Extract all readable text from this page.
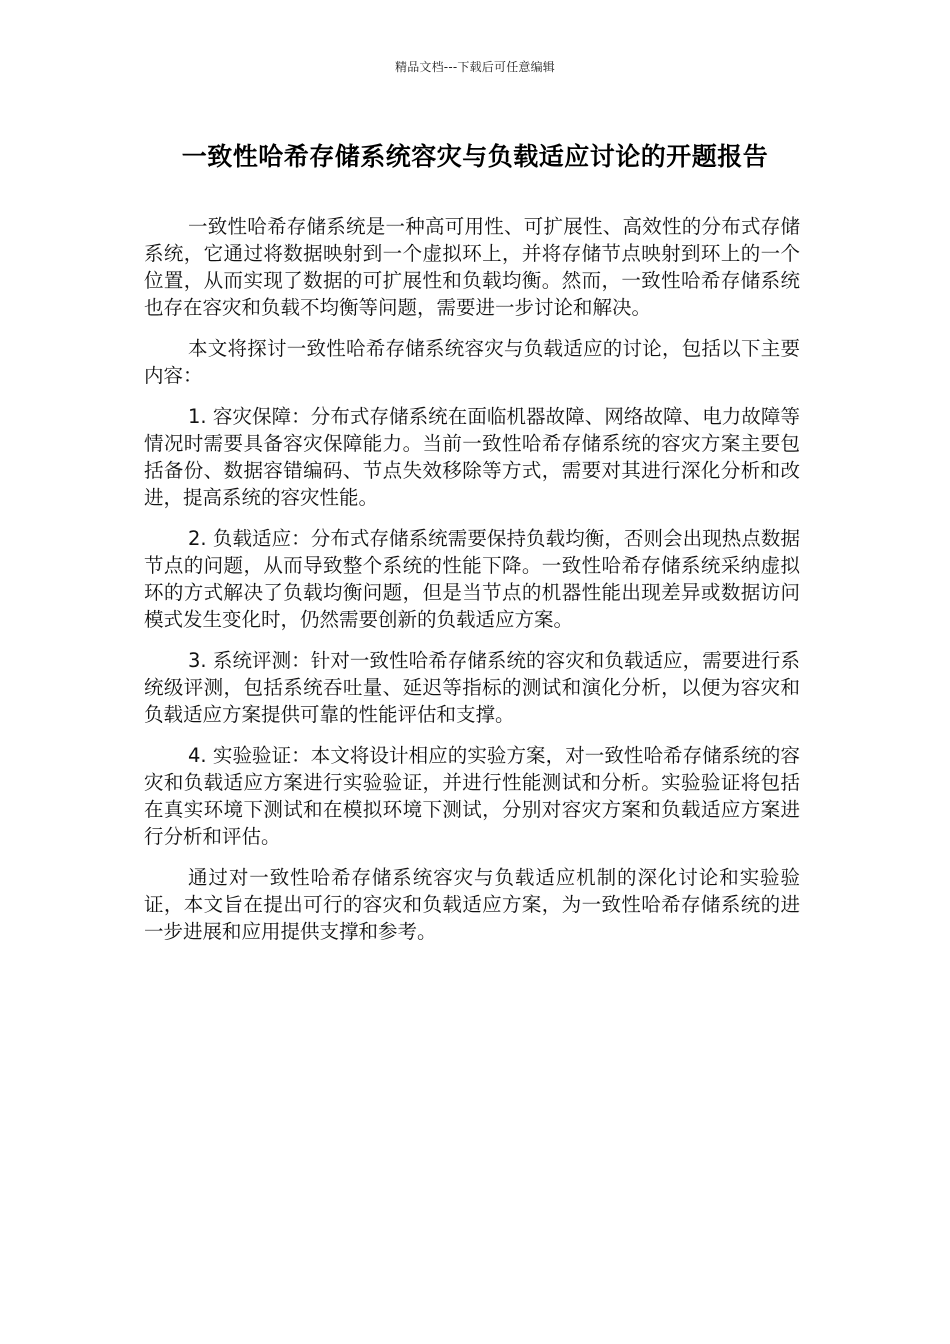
精品文档---下载后可任意编辑
一致性哈希存储系统容灾与负载适应讨论的开题报告

一致性哈希存储系统是一种高可用性、可扩展性、高效性的分布式存储系统，它通过将数据映射到一个虚拟环上，并将存储节点映射到环上的一个位置，从而实现了数据的可扩展性和负载均衡。然而，一致性哈希存储系统也存在容灾和负载不均衡等问题，需要进一步讨论和解决。

本文将探讨一致性哈希存储系统容灾与负载适应的讨论，包括以下主要内容：

1. 容灾保障：分布式存储系统在面临机器故障、网络故障、电力故障等情况时需要具备容灾保障能力。当前一致性哈希存储系统的容灾方案主要包括备份、数据容错编码、节点失效移除等方式，需要对其进行深化分析和改进，提高系统的容灾性能。

2. 负载适应：分布式存储系统需要保持负载均衡，否则会出现热点数据节点的问题，从而导致整个系统的性能下降。一致性哈希存储系统采纳虚拟环的方式解决了负载均衡问题，但是当节点的机器性能出现差异或数据访问模式发生变化时，仍然需要创新的负载适应方案。

3. 系统评测：针对一致性哈希存储系统的容灾和负载适应，需要进行系统级评测，包括系统吞吐量、延迟等指标的测试和演化分析，以便为容灾和负载适应方案提供可靠的性能评估和支撑。

4. 实验验证：本文将设计相应的实验方案，对一致性哈希存储系统的容灾和负载适应方案进行实验验证，并进行性能测试和分析。实验验证将包括在真实环境下测试和在模拟环境下测试，分别对容灾方案和负载适应方案进行分析和评估。

通过对一致性哈希存储系统容灾与负载适应机制的深化讨论和实验验证，本文旨在提出可行的容灾和负载适应方案，为一致性哈希存储系统的进一步进展和应用提供支撑和参考。
